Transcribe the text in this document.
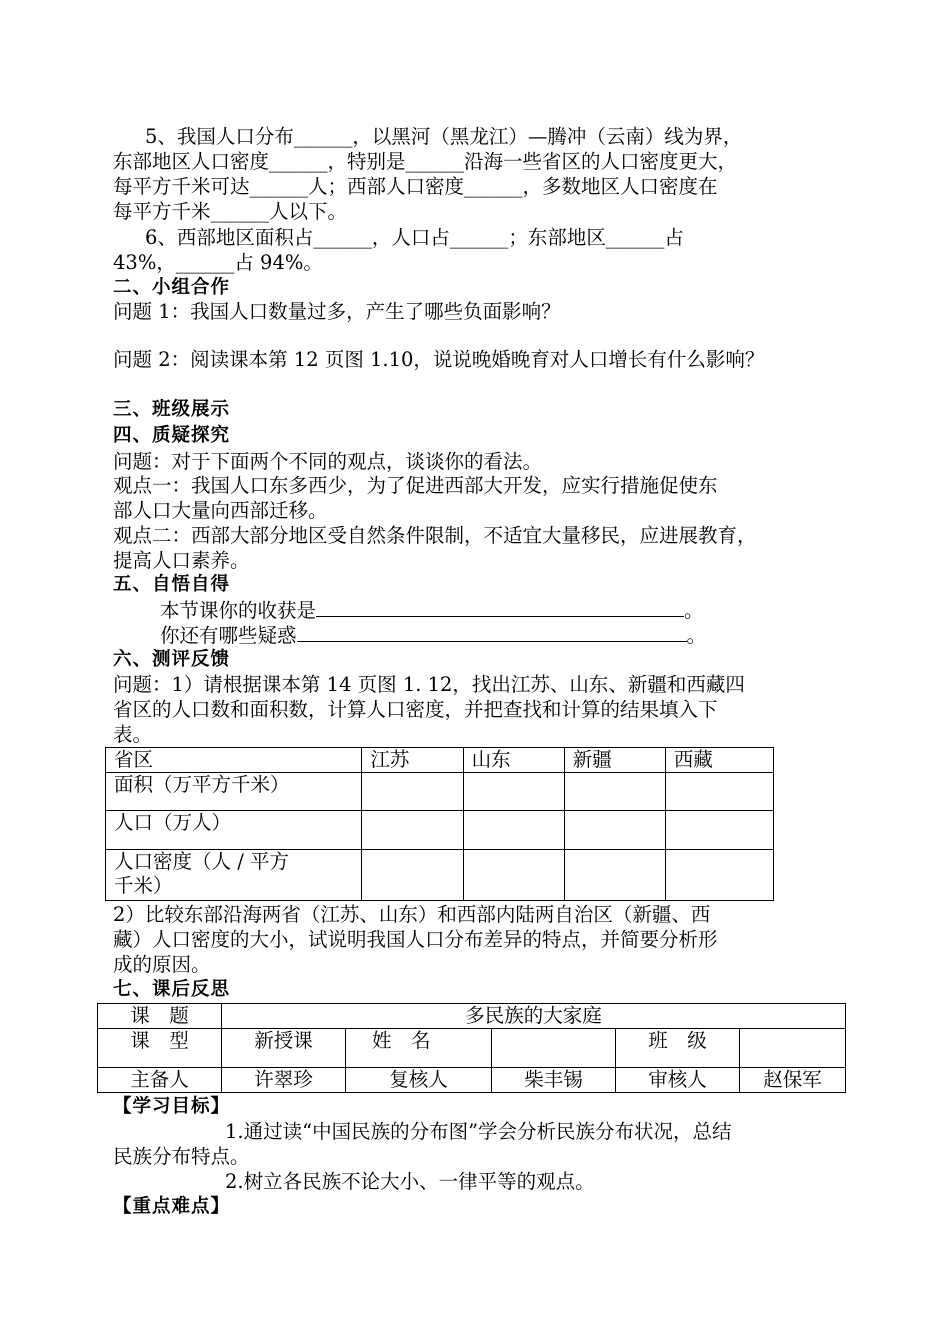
5、我国人口分布______，以黑河（黑龙江）—腾冲（云南）线为界，
东部地区人口密度______，特别是______沿海一些省区的人口密度更大，
每平方千米可达______人；西部人口密度______，多数地区人口密度在
每平方千米______人以下。
6、西部地区面积占______，人口占______；东部地区______占
43%，______占 94%。
二、小组合作
问题 1：我国人口数量过多，产生了哪些负面影响？
问题 2：阅读课本第 12 页图 1.10，说说晚婚晚育对人口增长有什么影响？
三、班级展示
四、质疑探究
问题：对于下面两个不同的观点，谈谈你的看法。
观点一：我国人口东多西少，为了促进西部大开发，应实行措施促使东
部人口大量向西部迁移。
观点二：西部大部分地区受自然条件限制，不适宜大量移民，应进展教育，
提高人口素养。
五、自悟自得
本节课你的收获是	。
你还有哪些疑惑	。
六、测评反馈
问题：1）请根据课本第 14 页图 1. 12，找出江苏、山东、新疆和西藏四
省区的人口数和面积数，计算人口密度，并把查找和计算的结果填入下
表。
省区	江苏	山东	新疆	西藏
面积（万平方千米）				
人口（万人）				

人口密度（人 / 平方
千米）				

2）比较东部沿海两省（江苏、山东）和西部内陆两自治区（新疆、西
藏）人口密度的大小，试说明我国人口分布差异的特点，并简要分析形
成的原因。
七、课后反思
课　题	多民族的大家庭				
课　型	新授课	姓　名		班　级	
主备人	许翠珍	复核人	柴丰锡	审核人	赵保军
【学习目标】
1.通过读“中国民族的分布图”学会分析民族分布状况，总结
民族分布特点。
2.树立各民族不论大小、一律平等的观点。
【重点难点】
